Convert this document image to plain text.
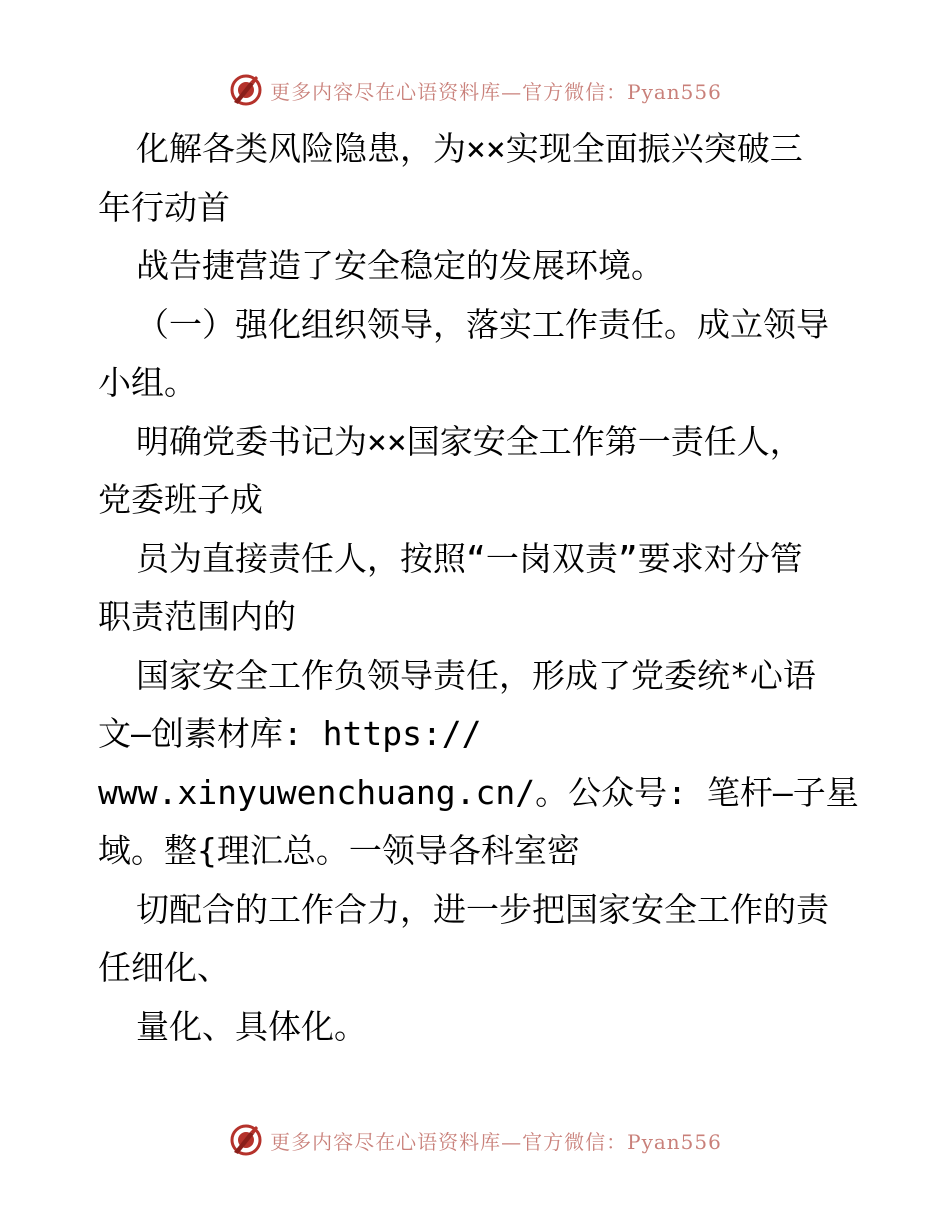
更多内容尽在心语资料库—官方微信：Pyan556
化解各类风险隐患，为××实现全面振兴突破三
年行动首
战告捷营造了安全稳定的发展环境。
（一）强化组织领导，落实工作责任。成立领导
小组。
明确党委书记为××国家安全工作第一责任人，
党委班子成
员为直接责任人，按照“一岗双责”要求对分管
职责范围内的
国家安全工作负领导责任，形成了党委统*心语
文—创素材库: https://
www.xinyuwenchuang.cn/。公众号: 笔杆—子星
域。整{理汇总。一领导各科室密
切配合的工作合力，进一步把国家安全工作的责
任细化、
量化、具体化。
更多内容尽在心语资料库—官方微信：Pyan556
